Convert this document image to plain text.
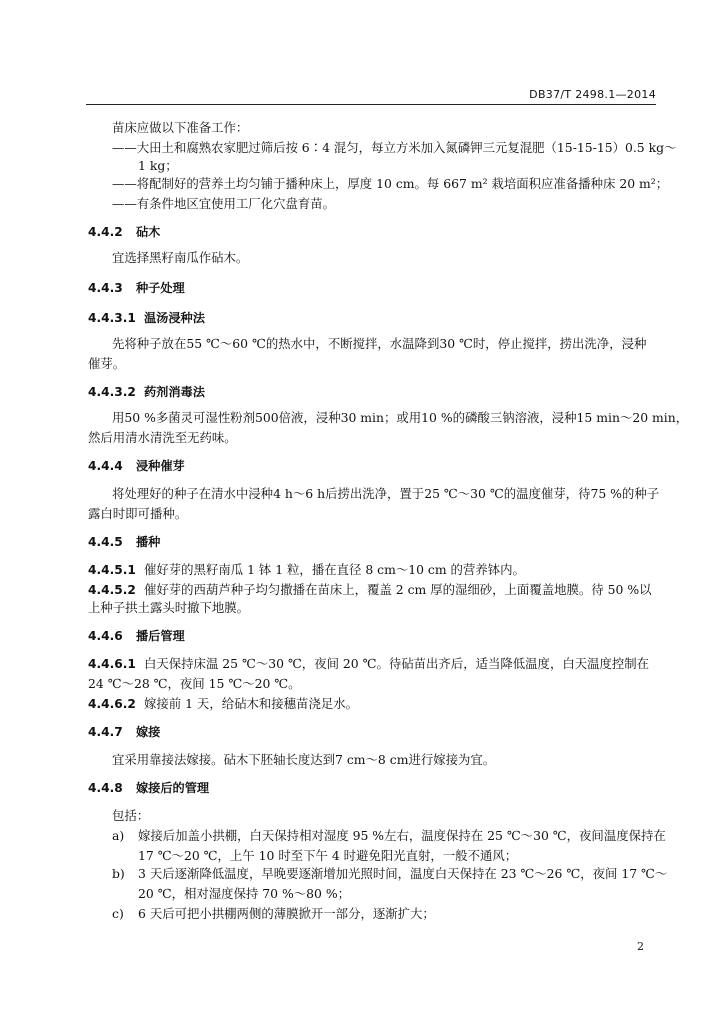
DB37/T 2498.1—2014
苗床应做以下准备工作：
——大田土和腐熟农家肥过筛后按 6∶4 混匀，每立方米加入氮磷钾三元复混肥（15-15-15）0.5 kg～
1 kg；
——将配制好的营养土均匀铺于播种床上，厚度 10 cm。每 667 m² 栽培面积应准备播种床 20 m²；
——有条件地区宜使用工厂化穴盘育苗。
4.4.2 砧木
宜选择黑籽南瓜作砧木。
4.4.3 种子处理
4.4.3.1 温汤浸种法
先将种子放在55 ℃～60 ℃的热水中，不断搅拌，水温降到30 ℃时，停止搅拌，捞出洗净，浸种
催芽。
4.4.3.2 药剂消毒法
用50 %多菌灵可湿性粉剂500倍液，浸种30 min；或用10 %的磷酸三钠溶液，浸种15 min～20 min，
然后用清水清洗至无药味。
4.4.4 浸种催芽
将处理好的种子在清水中浸种4 h～6 h后捞出洗净，置于25 ℃～30 ℃的温度催芽，待75 %的种子
露白时即可播种。
4.4.5 播种
4.4.5.1 催好芽的黑籽南瓜 1 钵 1 粒，播在直径 8 cm～10 cm 的营养钵内。
4.4.5.2 催好芽的西葫芦种子均匀撒播在苗床上，覆盖 2 cm 厚的湿细砂，上面覆盖地膜。待 50 %以
上种子拱土露头时撤下地膜。
4.4.6 播后管理
4.4.6.1 白天保持床温 25 ℃～30 ℃，夜间 20 ℃。待砧苗出齐后，适当降低温度，白天温度控制在
24 ℃～28 ℃，夜间 15 ℃～20 ℃。
4.4.6.2 嫁接前 1 天，给砧木和接穗苗浇足水。
4.4.7 嫁接
宜采用靠接法嫁接。砧木下胚轴长度达到7 cm～8 cm进行嫁接为宜。
4.4.8 嫁接后的管理
包括：
a) 嫁接后加盖小拱棚，白天保持相对湿度 95 %左右，温度保持在 25 ℃～30 ℃，夜间温度保持在
17 ℃～20 ℃，上午 10 时至下午 4 时避免阳光直射，一般不通风；
b) 3 天后逐渐降低温度，早晚要逐渐增加光照时间，温度白天保持在 23 ℃～26 ℃，夜间 17 ℃～
20 ℃，相对湿度保持 70 %～80 %；
c) 6 天后可把小拱棚两侧的薄膜掀开一部分，逐渐扩大；
2
